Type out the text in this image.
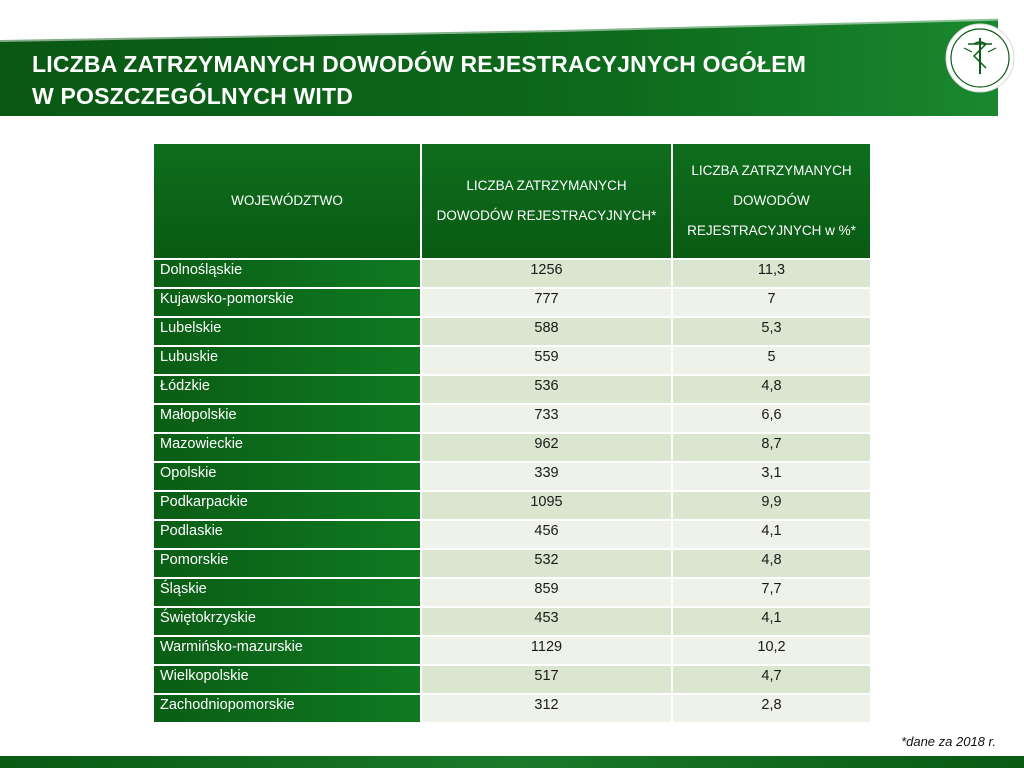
LICZBA ZATRZYMANYCH DOWODÓW REJESTRACYJNYCH OGÓŁEM
W POSZCZEGÓLNYCH WITD
WOJEWÓDZTWO	LICZBA ZATRZYMANYCH DOWODÓW REJESTRACYJNYCH*	LICZBA ZATRZYMANYCH DOWODÓW REJESTRACYJNYCH w %*
Dolnośląskie	1256	11,3
Kujawsko-pomorskie	777	7
Lubelskie	588	5,3
Lubuskie	559	5
Łódzkie	536	4,8
Małopolskie	733	6,6
Mazowieckie	962	8,7
Opolskie	339	3,1
Podkarpackie	1095	9,9
Podlaskie	456	4,1
Pomorskie	532	4,8
Śląskie	859	7,7
Świętokrzyskie	453	4,1
Warmińsko-mazurskie	1129	10,2
Wielkopolskie	517	4,7
Zachodniopomorskie	312	2,8
*dane za 2018 r.
